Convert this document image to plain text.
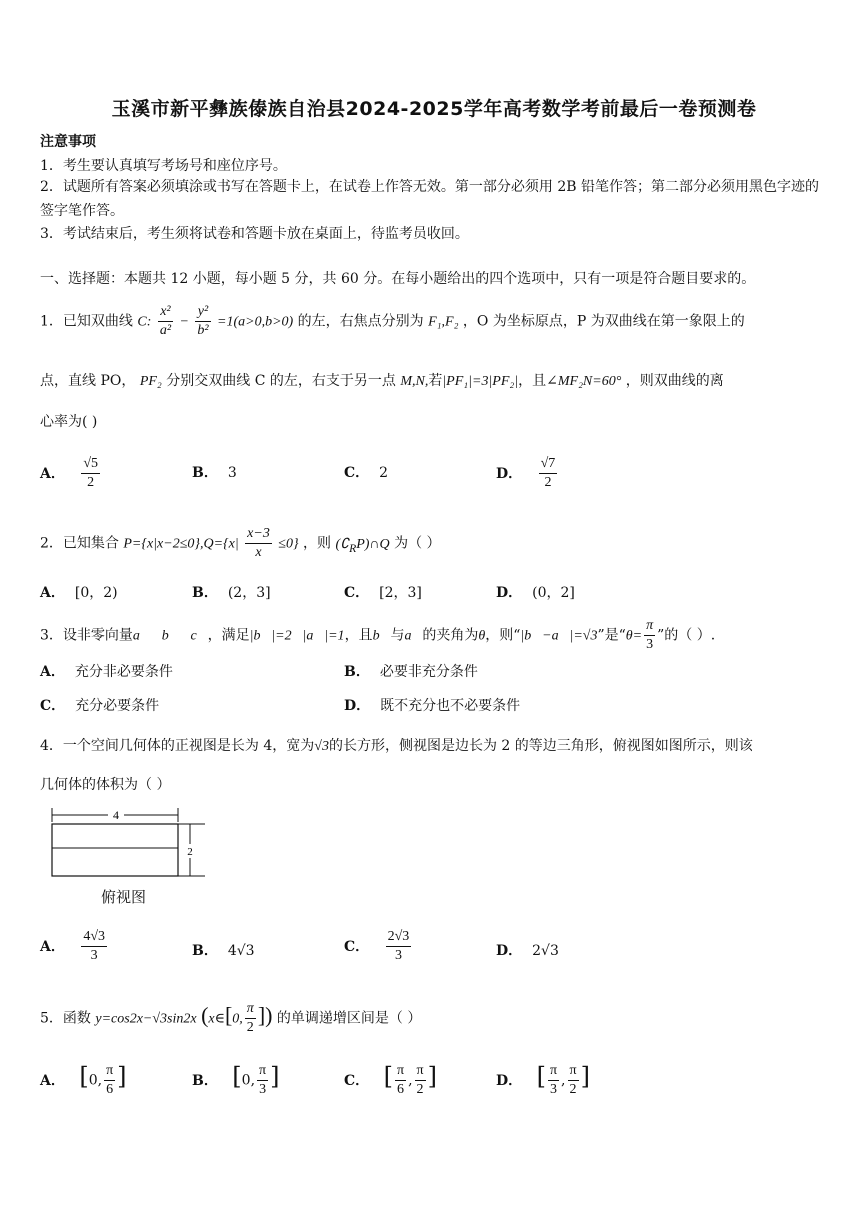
玉溪市新平彝族傣族自治县2024-2025学年高考数学考前最后一卷预测卷
注意事项
1．考生要认真填写考场号和座位序号。
2．试题所有答案必须填涂或书写在答题卡上，在试卷上作答无效。第一部分必须用 2B 铅笔作答；第二部分必须用黑色字迹的签字笔作答。
3．考试结束后，考生须将试卷和答题卡放在桌面上，待监考员收回。
一、选择题：本题共 12 小题，每小题 5 分，共 60 分。在每小题给出的四个选项中，只有一项是符合题目要求的。
1．已知双曲线 C: $\frac{\text{x²}}{\text{a²}} - \frac{\text{y²}}{\text{b²}} =1(a>0,b>0)$ 的左，右焦点分别为 F₁,F₂ ，O 为坐标原点，P 为双曲线在第一象限上的
点，直线 PO， PF₂ 分别交双曲线 C 的左，右支于另一点 M,N,若|PF₁|=3|PF₂|，且∠MF₂N=60° ，则双曲线的离
心率为( )
A． $\frac{√5}{2}$	B． 3	C． 2	D． $\frac{√7}{2}$
2．已知集合 $P=\{x|x-2\le 0\},Q=\{x| \frac{x-3}{x} \le 0\}$ ，则 $(∁_RP)\cap Q$ 为（ ）
A． [0，2)	B． (2，3]	C． [2，3]	D． (0，2]
3．设非零向量a⃗，b⃗，c⃗，满足|b⃗|=2，|a⃗|=1，且b⃗与a⃗的夹角为θ，则“|b⃗−a⃗|=√3”是“$\theta= \frac{\pi}{3}$ ”的（ ）.
A． 充分非必要条件	B． 必要非充分条件
C． 充分必要条件	D． 既不充分也不必要条件
4．一个空间几何体的正视图是长为 4，宽为√3的长方形，侧视图是边长为 2 的等边三角形，俯视图如图所示，则该
几何体的体积为（ ）
4
2
俯视图
A． $\frac{4√3}{3}$	B． 4√3	C． $\frac{2√3}{3}$	D． 2√3
5．函数 y=cos2x−√3sin2x (x∈[0, $\frac{\pi}{2}$ ]) 的单调递增区间是（ ）
A． [0, $\frac{\pi}{6}$ ]	B． [0, $\frac{\pi}{3}$ ]	C． [ $\frac{\pi}{6}$ , $\frac{\pi}{2}$ ]	D． [ $\frac{\pi}{3}$ , $\frac{\pi}{2}$ ]
